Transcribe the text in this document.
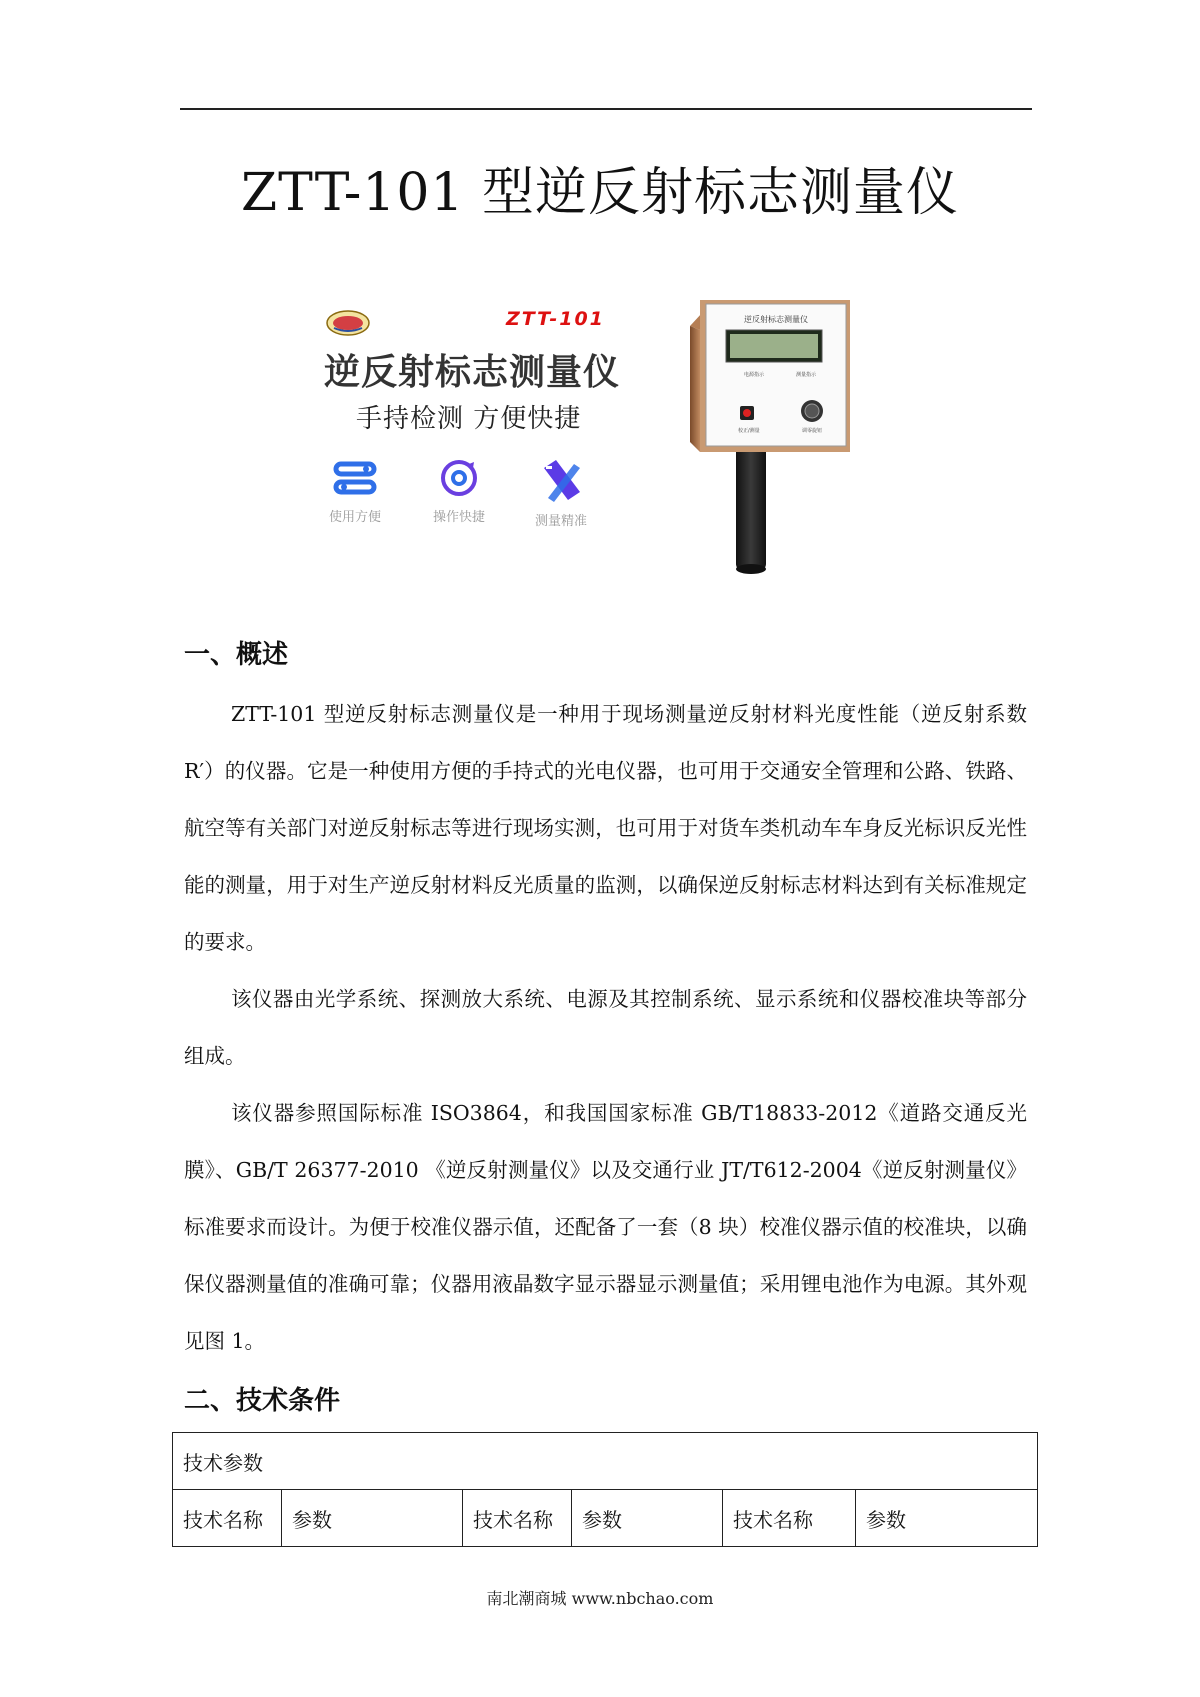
ZTT-101 型逆反射标志测量仪
ZTT-101
逆反射标志测量仪
手持检测 方便快捷
使用方便	操作快捷	测量精准
逆反射标志测量仪
电源指示	测量指示
校正/测量	调零旋钮
一、概述

ZTT-101 型逆反射标志测量仪是一种用于现场测量逆反射材料光度性能（逆反射系数 R′）的仪器。它是一种使用方便的手持式的光电仪器，也可用于交通安全管理和公路、铁路、航空等有关部门对逆反射标志等进行现场实测，也可用于对货车类机动车车身反光标识反光性能的测量，用于对生产逆反射材料反光质量的监测，以确保逆反射标志材料达到有关标准规定的要求。

该仪器由光学系统、探测放大系统、电源及其控制系统、显示系统和仪器校准块等部分组成。

该仪器参照国际标准 ISO3864，和我国国家标准 GB/T18833-2012《道路交通反光膜》、GB/T 26377-2010 《逆反射测量仪》以及交通行业 JT/T612-2004《逆反射测量仪》标准要求而设计。为便于校准仪器示值，还配备了一套（8 块）校准仪器示值的校准块，以确保仪器测量值的准确可靠；仪器用液晶数字显示器显示测量值；采用锂电池作为电源。其外观见图 1。

二、技术条件
技术参数
技术名称	参数	技术名称	参数	技术名称	参数
南北潮商城 www.nbchao.com
